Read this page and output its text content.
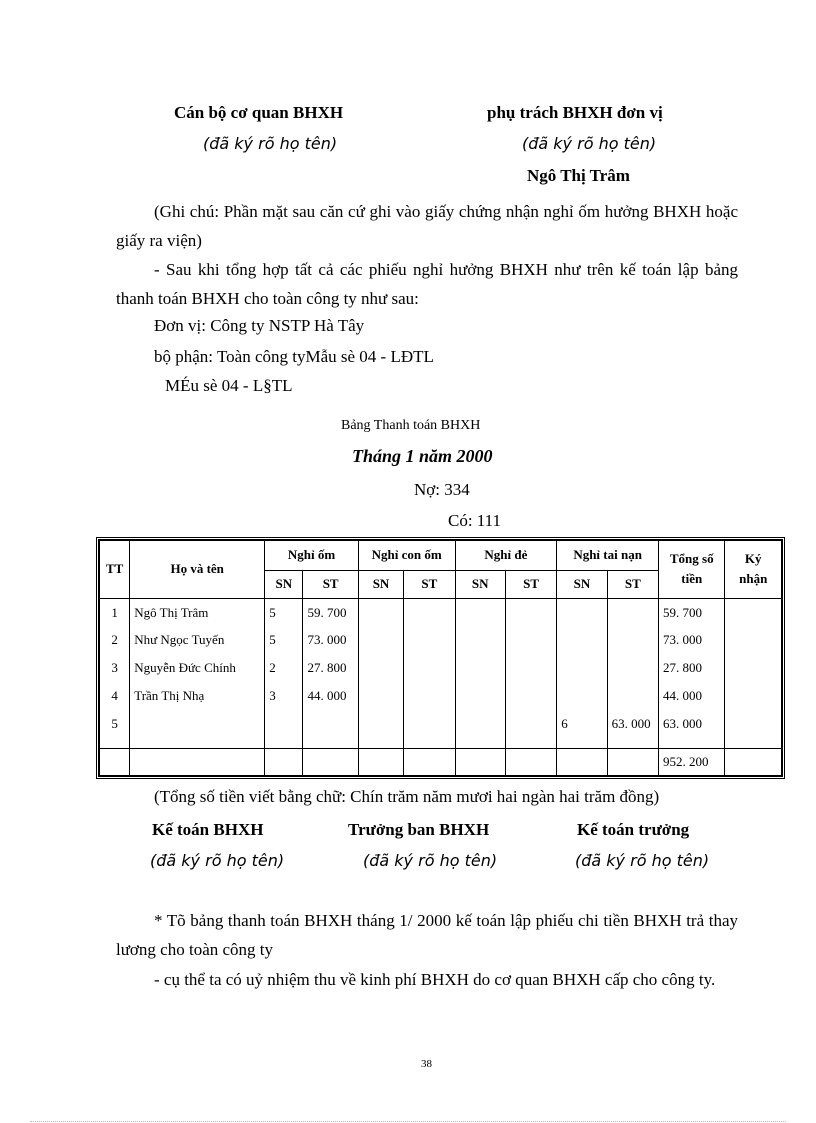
Cán bộ cơ quan BHXH
(đã ký rõ họ tên)
phụ trách BHXH đơn vị
(đã ký rõ họ tên)
Ngô Thị Trâm
(Ghi chú: Phần mặt sau căn cứ ghi vào giấy chứng nhận nghỉ ốm hưởng BHXH hoặc giấy ra viện)
- Sau khi tổng hợp tất cả các phiếu nghỉ hưởng BHXH như trên kế toán lập bảng thanh toán BHXH cho toàn công ty như sau:
Đơn vị: Công ty NSTP Hà Tây
bộ phận: Toàn công tyMẫu sè 04 - LĐTL
MÉu sè 04 - L§TL
Bảng Thanh toán BHXH
Tháng 1 năm 2000
Nợ: 334
Có: 111
TT	Họ và tên	Nghỉ ốm		Nghỉ con ốm		Nghỉ đẻ		Nghỉ tai nạn		Tổng số tiền	Ký nhận
		SN	ST	SN	ST	SN	ST	SN	ST		
1	Ngô Thị Trâm	5	59. 700							59. 700	
2	Như Ngọc Tuyến	5	73. 000							73. 000	
3	Nguyễn Đức Chính	2	27. 800							27. 800	
4	Trần Thị Nhạ	3	44. 000							44. 000	
5								6	63. 000	63. 000	

										952. 200	
(Tổng số tiền viết bằng chữ: Chín trăm năm mươi hai ngàn hai trăm đồng)
Kế toán BHXH
(đã ký rõ họ tên)
Trưởng ban BHXH
(đã ký rõ họ tên)
Kế toán trưởng
(đã ký rõ họ tên)
* Tõ bảng thanh toán BHXH tháng 1/ 2000 kế toán lập phiếu chi tiền BHXH trả thay lương cho toàn công ty
- cụ thể ta có uỷ nhiệm thu về kinh phí BHXH do cơ quan BHXH cấp cho công ty.
38
